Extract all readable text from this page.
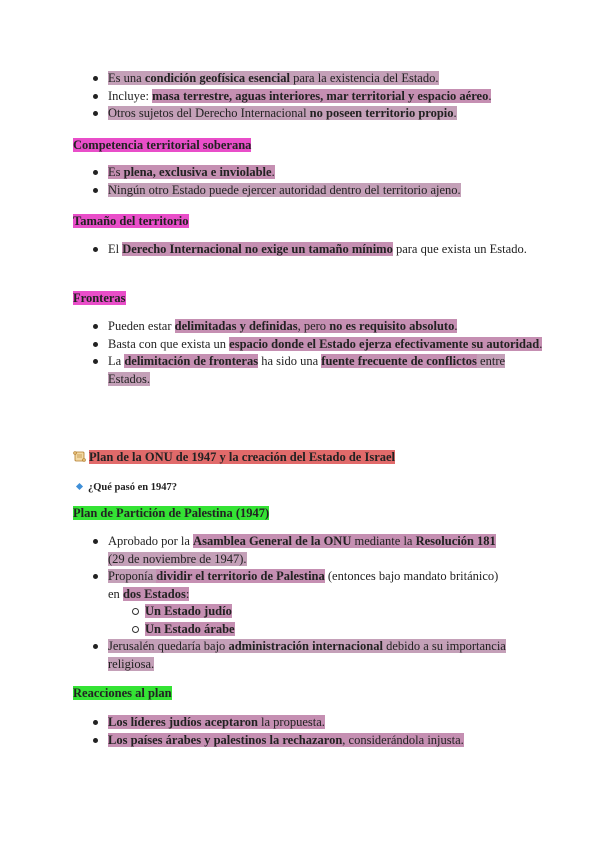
Es una condición geofísica esencial para la existencia del Estado.
Incluye: masa terrestre, aguas interiores, mar territorial y espacio aéreo.
Otros sujetos del Derecho Internacional no poseen territorio propio.
Competencia territorial soberana
Es plena, exclusiva e inviolable.
Ningún otro Estado puede ejercer autoridad dentro del territorio ajeno.
Tamaño del territorio
El Derecho Internacional no exige un tamaño mínimo para que exista un Estado.
Fronteras
Pueden estar delimitadas y definidas, pero no es requisito absoluto.
Basta con que exista un espacio donde el Estado ejerza efectivamente su autoridad.
La delimitación de fronteras ha sido una fuente frecuente de conflictos entre Estados.
Plan de la ONU de 1947 y la creación del Estado de Israel
¿Qué pasó en 1947?
Plan de Partición de Palestina (1947)
Aprobado por la Asamblea General de la ONU mediante la Resolución 181
(29 de noviembre de 1947).
Proponía dividir el territorio de Palestina (entonces bajo mandato británico)
en dos Estados:
Un Estado judío
Un Estado árabe
Jerusalén quedaría bajo administración internacional debido a su importancia religiosa.
Reacciones al plan
Los líderes judíos aceptaron la propuesta.
Los países árabes y palestinos la rechazaron, considerándola injusta.
